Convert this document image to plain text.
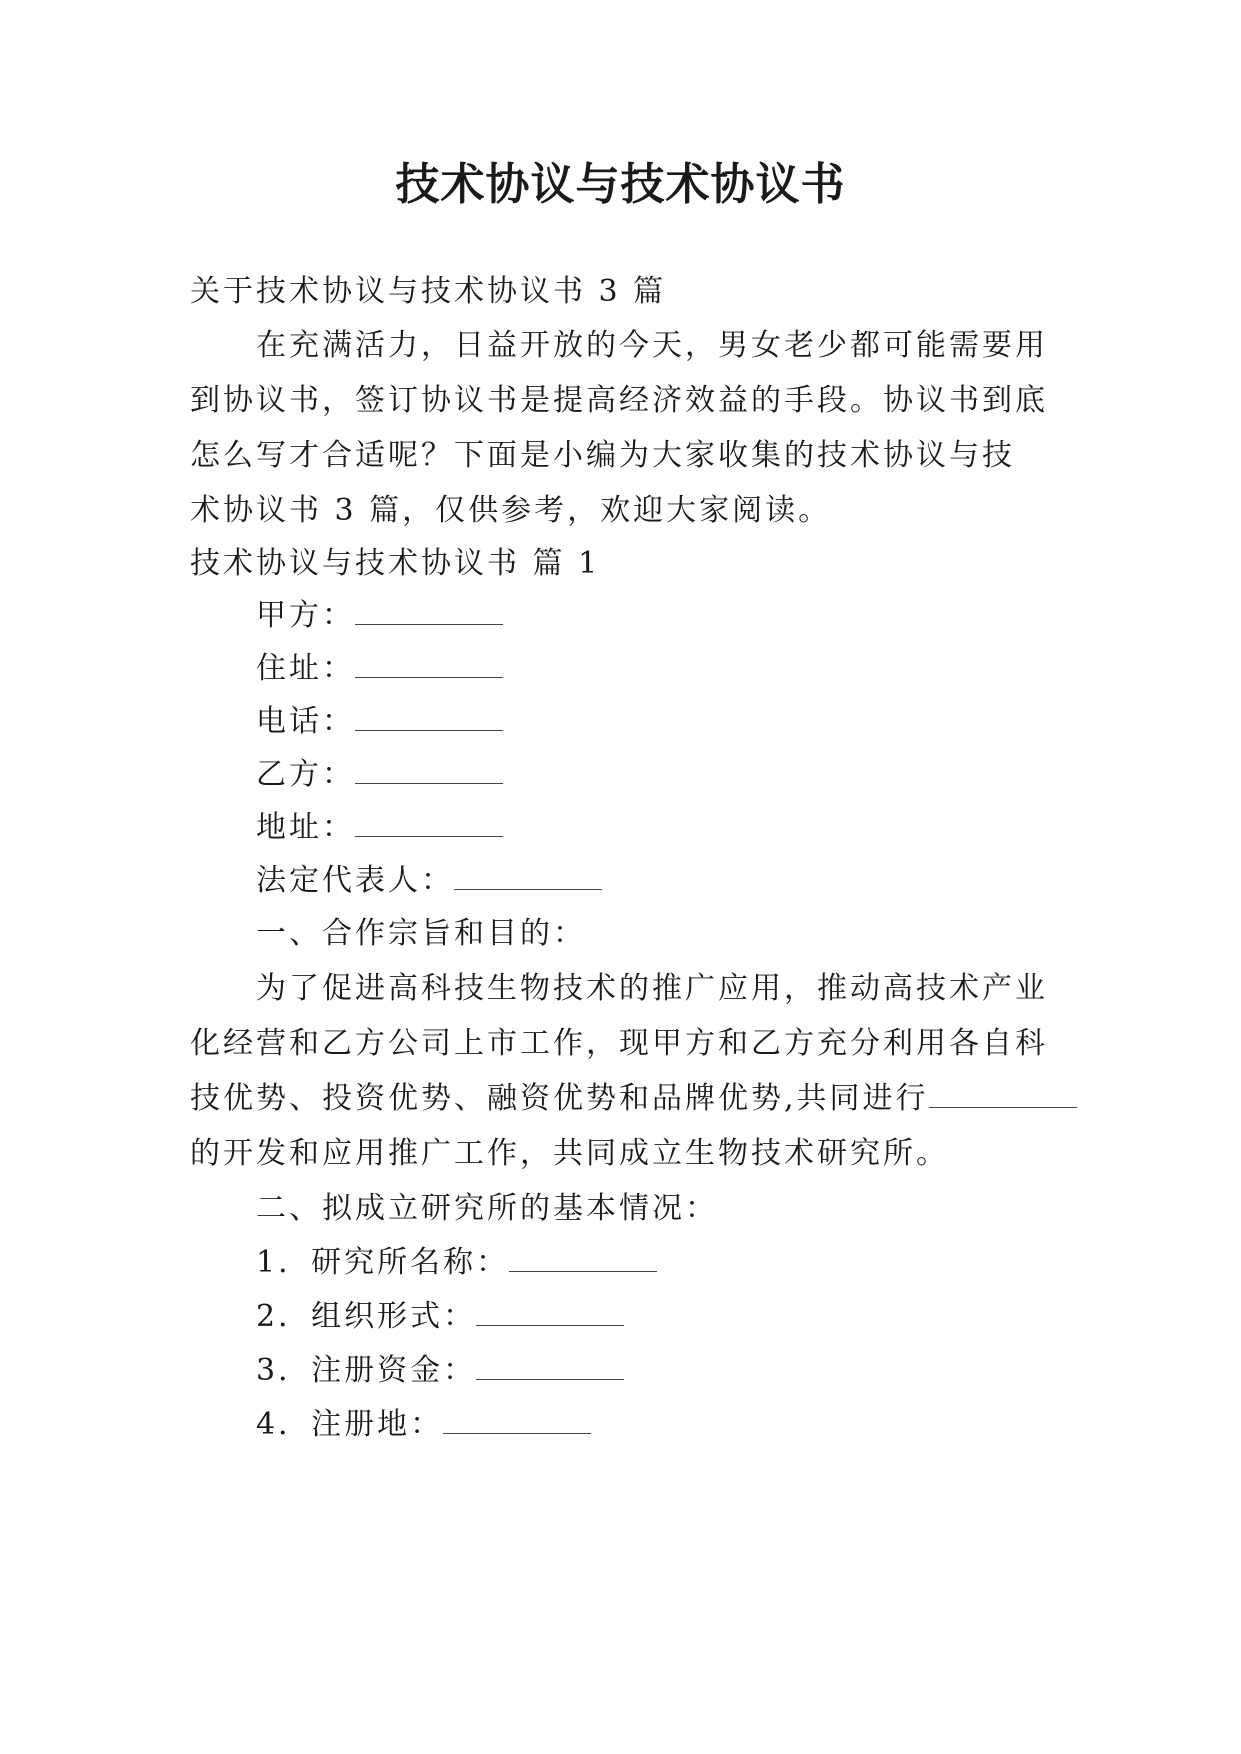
技术协议与技术协议书
关于技术协议与技术协议书 3 篇
在充满活力，日益开放的今天，男女老少都可能需要用
到协议书，签订协议书是提高经济效益的手段。协议书到底
怎么写才合适呢？下面是小编为大家收集的技术协议与技
术协议书 3 篇，仅供参考，欢迎大家阅读。
技术协议与技术协议书 篇 1
甲方：
住址：
电话：
乙方：
地址：
法定代表人：
一、合作宗旨和目的：
为了促进高科技生物技术的推广应用，推动高技术产业
化经营和乙方公司上市工作，现甲方和乙方充分利用各自科
技优势、投资优势、融资优势和品牌优势,共同进行
的开发和应用推广工作，共同成立生物技术研究所。
二、拟成立研究所的基本情况：
1．研究所名称：
2．组织形式：
3．注册资金：
4．注册地：
